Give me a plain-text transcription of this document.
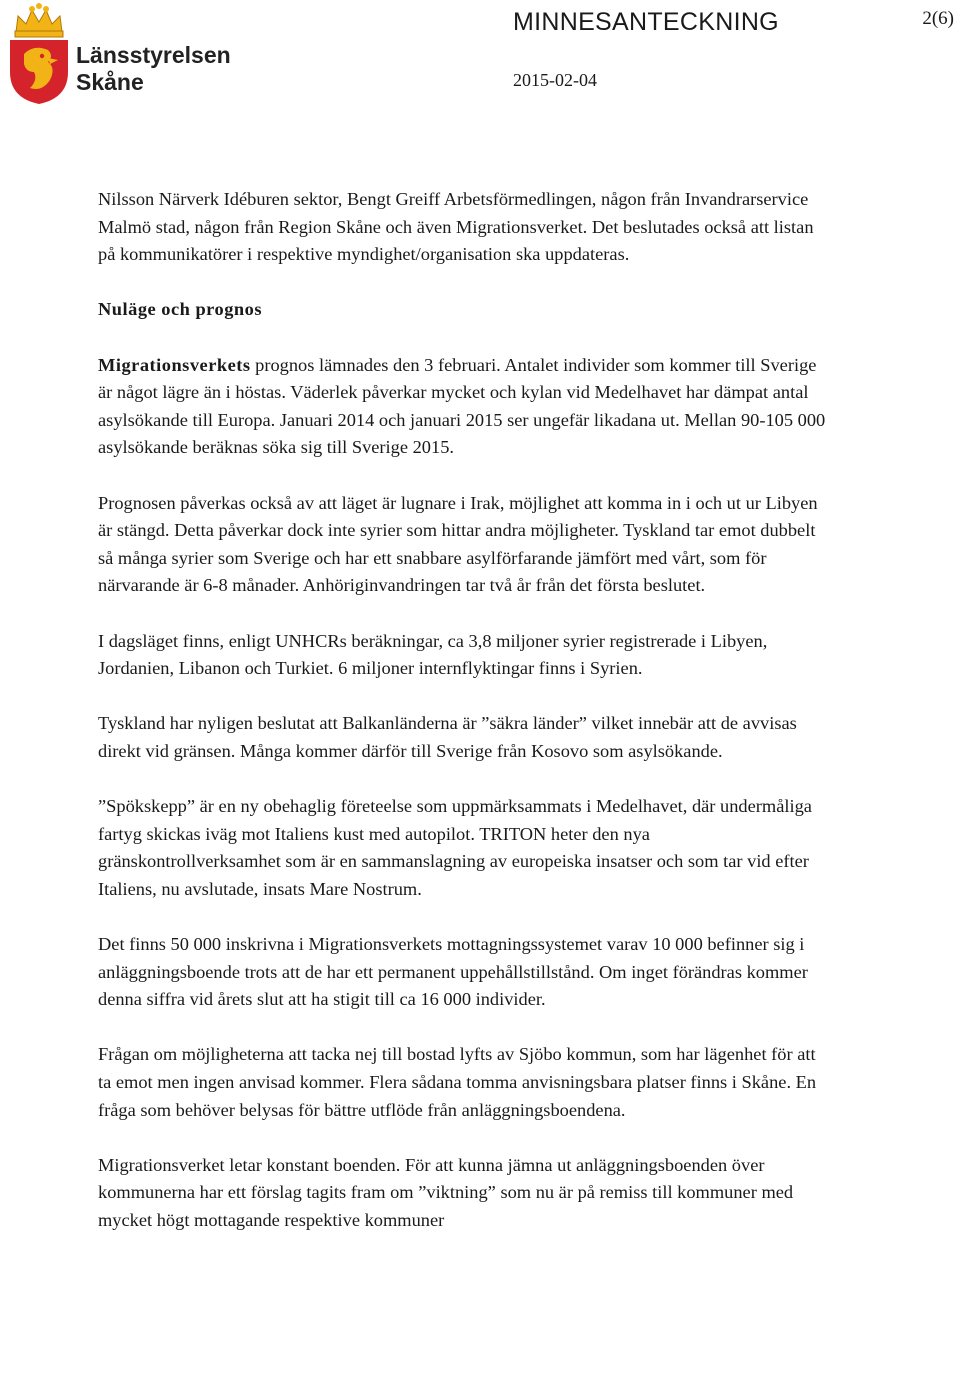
Länsstyrelsen
Skåne
MINNESANTECKNING	2(6)
2015-02-04

Nilsson Närverk Idéburen sektor, Bengt Greiff Arbetsförmedlingen, någon från Invandrarservice Malmö stad, någon från Region Skåne och även Migrationsverket. Det beslutades också att listan på kommunikatörer i respektive myndighet/organisation ska uppdateras.

Nuläge och prognos

Migrationsverkets prognos lämnades den 3 februari. Antalet individer som kommer till Sverige är något lägre än i höstas. Väderlek påverkar mycket och kylan vid Medelhavet har dämpat antal asylsökande till Europa. Januari 2014 och januari 2015 ser ungefär likadana ut. Mellan 90-105 000 asylsökande beräknas söka sig till Sverige 2015.

Prognosen påverkas också av att läget är lugnare i Irak, möjlighet att komma in i och ut ur Libyen är stängd. Detta påverkar dock inte syrier som hittar andra möjligheter. Tyskland tar emot dubbelt så många syrier som Sverige och har ett snabbare asylförfarande jämfört med vårt, som för närvarande är 6-8 månader. Anhöriginvandringen tar två år från det första beslutet.

I dagsläget finns, enligt UNHCRs beräkningar, ca 3,8 miljoner syrier registrerade i Libyen, Jordanien, Libanon och Turkiet. 6 miljoner internflyktingar finns i Syrien.

Tyskland har nyligen beslutat att Balkanländerna är ”säkra länder” vilket innebär att de avvisas direkt vid gränsen. Många kommer därför till Sverige från Kosovo som asylsökande.

”Spökskepp” är en ny obehaglig företeelse som uppmärksammats i Medelhavet, där undermåliga fartyg skickas iväg mot Italiens kust med autopilot. TRITON heter den nya gränskontrollverksamhet som är en sammanslagning av europeiska insatser och som tar vid efter Italiens, nu avslutade, insats Mare Nostrum.

Det finns 50 000 inskrivna i Migrationsverkets mottagningssystemet varav 10 000 befinner sig i anläggningsboende trots att de har ett permanent uppehållstillstånd. Om inget förändras kommer denna siffra vid årets slut att ha stigit till ca 16 000 individer.

Frågan om möjligheterna att tacka nej till bostad lyfts av Sjöbo kommun, som har lägenhet för att ta emot men ingen anvisad kommer. Flera sådana tomma anvisningsbara platser finns i Skåne. En fråga som behöver belysas för bättre utflöde från anläggningsboendena.

Migrationsverket letar konstant boenden. För att kunna jämna ut anläggningsboenden över kommunerna har ett förslag tagits fram om ”viktning” som nu är på remiss till kommuner med mycket högt mottagande respektive kommuner
